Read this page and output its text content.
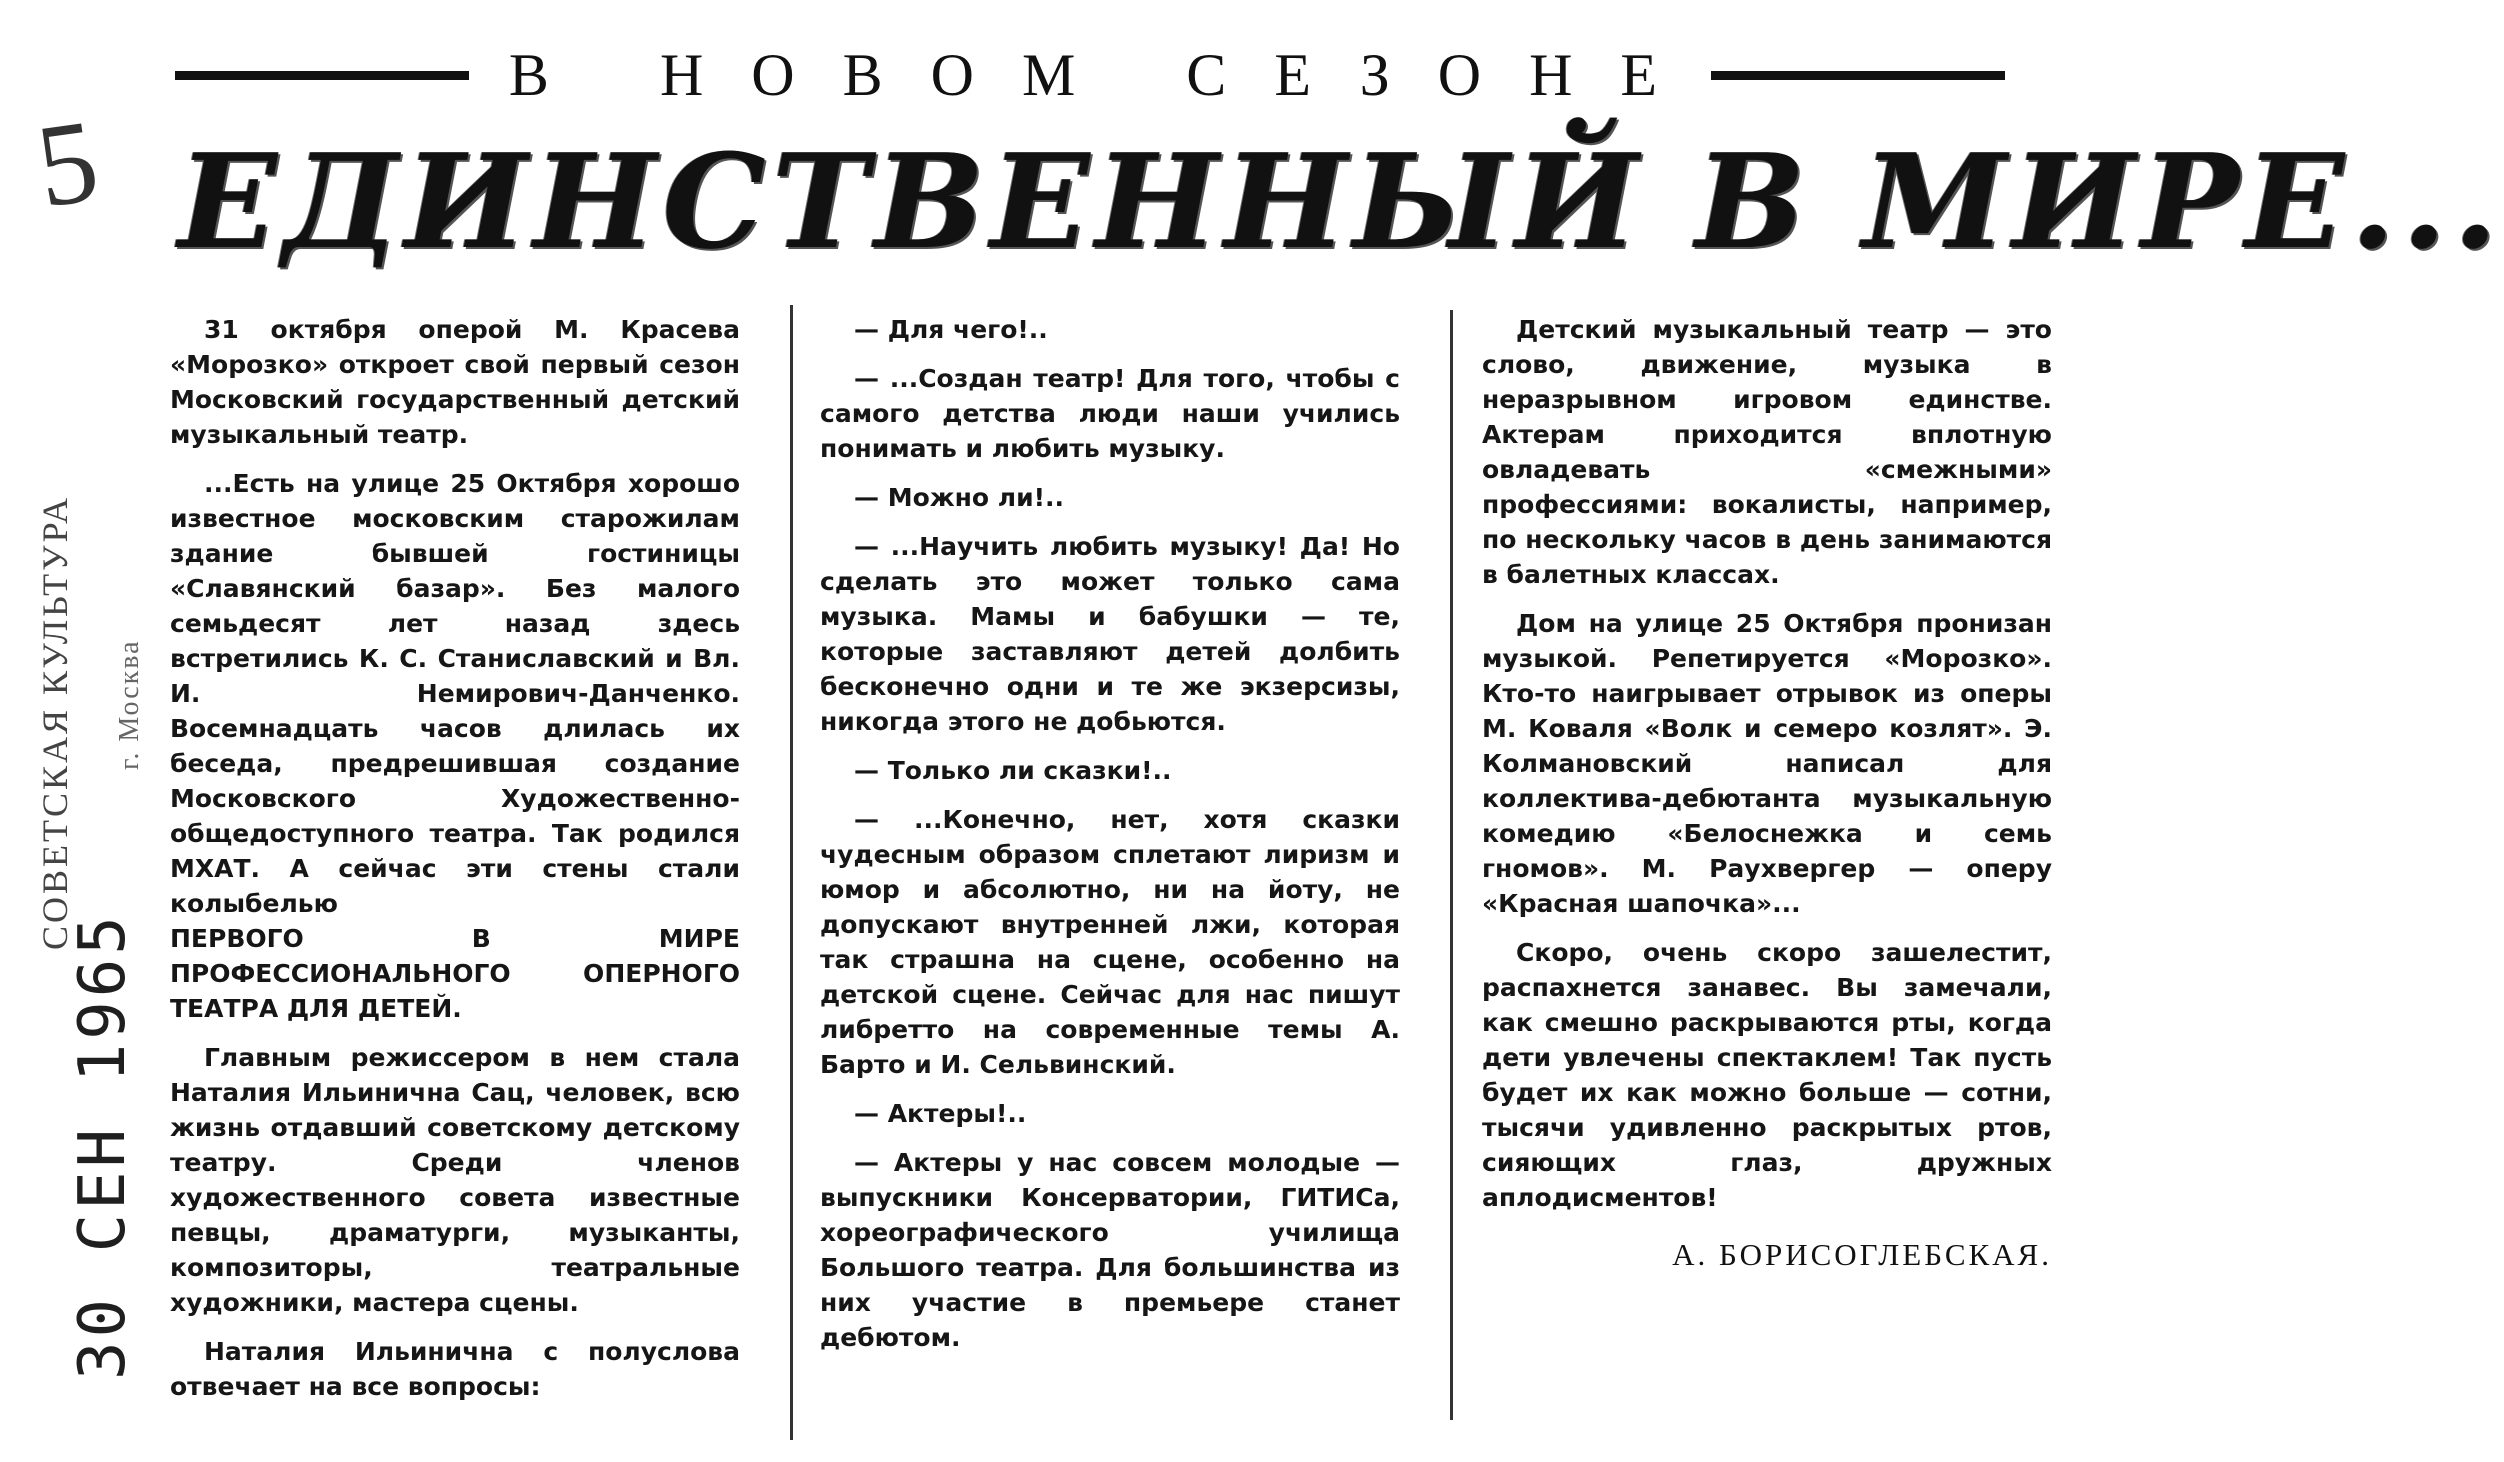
5
30 СЕН 1965
СОВЕТСКАЯ КУЛЬТУРА г. Москва
В НОВОМ СЕЗОНЕ
ЕДИНСТВЕННЫЙ В МИРЕ...

31 октября оперой М. Красева «Морозко» откроет свой первый сезон Московский государственный детский музыкальный театр.

...Есть на улице 25 Октября хорошо известное московским старожилам здание бывшей гостиницы «Славянский базар». Без малого семьдесят лет назад здесь встретились К. С. Станиславский и Вл. И. Немирович-Данченко. Восемнадцать часов длилась их беседа, предрешившая создание Московского Художественно-общедоступного театра. Так родился МХАТ. А сейчас эти стены стали колыбелью

ПЕРВОГО В МИРЕ ПРОФЕССИОНАЛЬНОГО ОПЕРНОГО ТЕАТРА ДЛЯ ДЕТЕЙ.

Главным режиссером в нем стала Наталия Ильинична Сац, человек, всю жизнь отдавший советскому детскому театру. Среди членов художественного совета известные певцы, драматурги, музыканты, композиторы, театральные художники, мастера сцены.

Наталия Ильинична с полуслова отвечает на все вопросы:

— Для чего!..

— ...Создан театр! Для того, чтобы с самого детства люди наши учились понимать и любить музыку.

— Можно ли!..

— ...Научить любить музыку! Да! Но сделать это может только сама музыка. Мамы и бабушки — те, которые заставляют детей долбить бесконечно одни и те же экзерсизы, никогда этого не добьются.

— Только ли сказки!..

— ...Конечно, нет, хотя сказки чудесным образом сплетают лиризм и юмор и абсолютно, ни на йоту, не допускают внутренней лжи, которая так страшна на сцене, особенно на детской сцене. Сейчас для нас пишут либретто на современные темы А. Барто и И. Сельвинский.

— Актеры!..

— Актеры у нас совсем молодые — выпускники Консерватории, ГИТИСа, хореографического училища Большого театра. Для большинства из них участие в премьере станет дебютом.

Детский музыкальный театр — это слово, движение, музыка в неразрывном игровом единстве. Актерам приходится вплотную овладевать «смежными» профессиями: вокалисты, например, по нескольку часов в день занимаются в балетных классах.

Дом на улице 25 Октября пронизан музыкой. Репетируется «Морозко». Кто-то наигрывает отрывок из оперы М. Коваля «Волк и семеро козлят». Э. Колмановский написал для коллектива-дебютанта музыкальную комедию «Белоснежка и семь гномов». М. Раухвергер — оперу «Красная шапочка»...

Скоро, очень скоро зашелестит, распахнется занавес. Вы замечали, как смешно раскрываются рты, когда дети увлечены спектаклем! Так пусть будет их как можно больше — сотни, тысячи удивленно раскрытых ртов, сияющих глаз, дружных аплодисментов!

А. БОРИСОГЛЕБСКАЯ.
